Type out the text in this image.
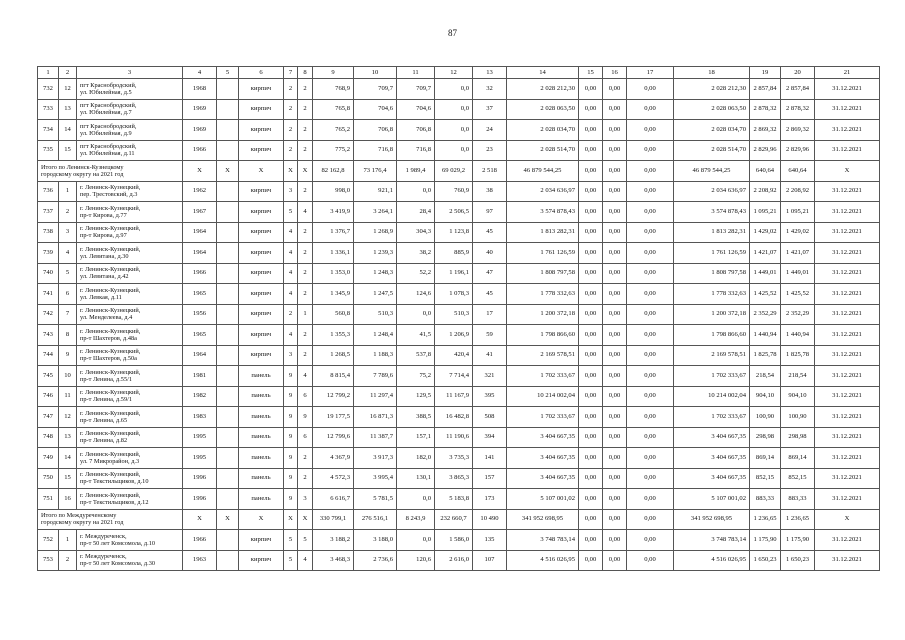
87
1	2	3	4	5	6	7	8	9	10	11	12	13	14	15	16	17	18	19	20	21
732	12	пгт Краснобродский,
ул. Юбилейная, д.5	1968		кирпич	2	2	768,9	709,7	709,7	0,0	32	2 028 212,30	0,00	0,00	0,00	2 028 212,30	2 857,84	2 857,84	31.12.2021
733	13	пгт Краснобродский,
ул. Юбилейная, д.7	1969		кирпич	2	2	765,8	704,6	704,6	0,0	37	2 028 063,50	0,00	0,00	0,00	2 028 063,50	2 878,32	2 878,32	31.12.2021
734	14	пгт Краснобродский,
ул. Юбилейная, д.9	1969		кирпич	2	2	765,2	706,8	706,8	0,0	24	2 028 034,70	0,00	0,00	0,00	2 028 034,70	2 869,32	2 869,32	31.12.2021
735	15	пгт Краснобродский,
ул. Юбилейная, д.11	1966		кирпич	2	2	775,2	716,8	716,8	0,0	23	2 028 514,70	0,00	0,00	0,00	2 028 514,70	2 829,96	2 829,96	31.12.2021
Итого по Ленинск-Кузнецкому
городскому округу на 2021 год			X	X	X	X	X	82 162,8	73 176,4	1 989,4	69 029,2	2 518	46 879 544,25	0,00	0,00	0,00	46 879 544,25	640,64	640,64	X
736	1	г. Ленинск-Кузнецкий,
пер. Трестовский, д.3	1962		кирпич	3	2	998,0	921,1	0,0	760,9	38	2 034 636,97	0,00	0,00	0,00	2 034 636,97	2 208,92	2 208,92	31.12.2021
737	2	г. Ленинск-Кузнецкий,
пр-т Кирова, д.77	1967		кирпич	5	4	3 419,9	3 264,1	28,4	2 506,5	97	3 574 878,43	0,00	0,00	0,00	3 574 878,43	1 095,21	1 095,21	31.12.2021
738	3	г. Ленинск-Кузнецкий,
пр-т Кирова, д.97	1964		кирпич	4	2	1 376,7	1 268,9	304,3	1 123,8	45	1 813 282,31	0,00	0,00	0,00	1 813 282,31	1 429,02	1 429,02	31.12.2021
739	4	г. Ленинск-Кузнецкий,
ул. Левитана, д.30	1964		кирпич	4	2	1 336,1	1 239,3	38,2	885,9	40	1 761 126,59	0,00	0,00	0,00	1 761 126,59	1 421,07	1 421,07	31.12.2021
740	5	г. Ленинск-Кузнецкий,
ул. Левитана, д.42	1966		кирпич	4	2	1 353,0	1 248,3	52,2	1 196,1	47	1 808 797,58	0,00	0,00	0,00	1 808 797,58	1 449,01	1 449,01	31.12.2021
741	6	г. Ленинск-Кузнецкий,
ул. Левкая, д.11	1965		кирпич	4	2	1 345,9	1 247,5	124,6	1 078,3	45	1 778 332,63	0,00	0,00	0,00	1 778 332,63	1 425,52	1 425,52	31.12.2021
742	7	г. Ленинск-Кузнецкий,
ул. Менделеева, д.4	1956		кирпич	2	1	560,8	510,3	0,0	510,3	17	1 200 372,18	0,00	0,00	0,00	1 200 372,18	2 352,29	2 352,29	31.12.2021
743	8	г. Ленинск-Кузнецкий,
пр-т Шахтеров, д.48а	1965		кирпич	4	2	1 355,3	1 248,4	41,5	1 206,9	59	1 798 866,60	0,00	0,00	0,00	1 798 866,60	1 440,94	1 440,94	31.12.2021
744	9	г. Ленинск-Кузнецкий,
пр-т Шахтеров, д.50а	1964		кирпич	3	2	1 268,5	1 188,3	537,8	420,4	41	2 169 578,51	0,00	0,00	0,00	2 169 578,51	1 825,78	1 825,78	31.12.2021
745	10	г. Ленинск-Кузнецкий,
пр-т Ленина, д.55/1	1981		панель	9	4	8 815,4	7 789,6	75,2	7 714,4	321	1 702 333,67	0,00	0,00	0,00	1 702 333,67	218,54	218,54	31.12.2021
746	11	г. Ленинск-Кузнецкий,
пр-т Ленина, д.59/1	1982		панель	9	6	12 799,2	11 297,4	129,5	11 167,9	395	10 214 002,04	0,00	0,00	0,00	10 214 002,04	904,10	904,10	31.12.2021
747	12	г. Ленинск-Кузнецкий,
пр-т Ленина, д.65	1983		панель	9	9	19 177,5	16 871,3	388,5	16 482,8	508	1 702 333,67	0,00	0,00	0,00	1 702 333,67	100,90	100,90	31.12.2021
748	13	г. Ленинск-Кузнецкий,
пр-т Ленина, д.82	1995		панель	9	6	12 799,6	11 387,7	157,1	11 190,6	394	3 404 667,35	0,00	0,00	0,00	3 404 667,35	298,98	298,98	31.12.2021
749	14	г. Ленинск-Кузнецкий,
ул. 7 Микрорайон, д.3	1995		панель	9	2	4 367,9	3 917,3	182,0	3 735,3	141	3 404 667,35	0,00	0,00	0,00	3 404 667,35	869,14	869,14	31.12.2021
750	15	г. Ленинск-Кузнецкий,
пр-т Текстильщиков, д.10	1996		панель	9	2	4 572,3	3 995,4	130,1	3 865,3	157	3 404 667,35	0,00	0,00	0,00	3 404 667,35	852,15	852,15	31.12.2021
751	16	г. Ленинск-Кузнецкий,
пр-т Текстильщиков, д.12	1996		панель	9	3	6 616,7	5 781,5	0,0	5 183,8	173	5 107 001,02	0,00	0,00	0,00	5 107 001,02	883,33	883,33	31.12.2021
Итого по Междуреченскому
городскому округу на 2021 год			X	X	X	X	X	330 799,1	276 516,1	8 243,9	232 660,7	10 490	341 952 698,95	0,00	0,00	0,00	341 952 698,95	1 236,65	1 236,65	X
752	1	г. Междуреченск,
пр-т 50 лет Комсомола, д.10	1966		кирпич	5	5	3 188,2	3 188,0	0,0	1 586,0	135	3 748 783,14	0,00	0,00	0,00	3 748 783,14	1 175,90	1 175,90	31.12.2021
753	2	г. Междуреченск,
пр-т 50 лет Комсомола, д.30	1963		кирпич	5	4	3 468,3	2 736,6	120,6	2 616,0	107	4 516 026,95	0,00	0,00	0,00	4 516 026,95	1 650,23	1 650,23	31.12.2021
